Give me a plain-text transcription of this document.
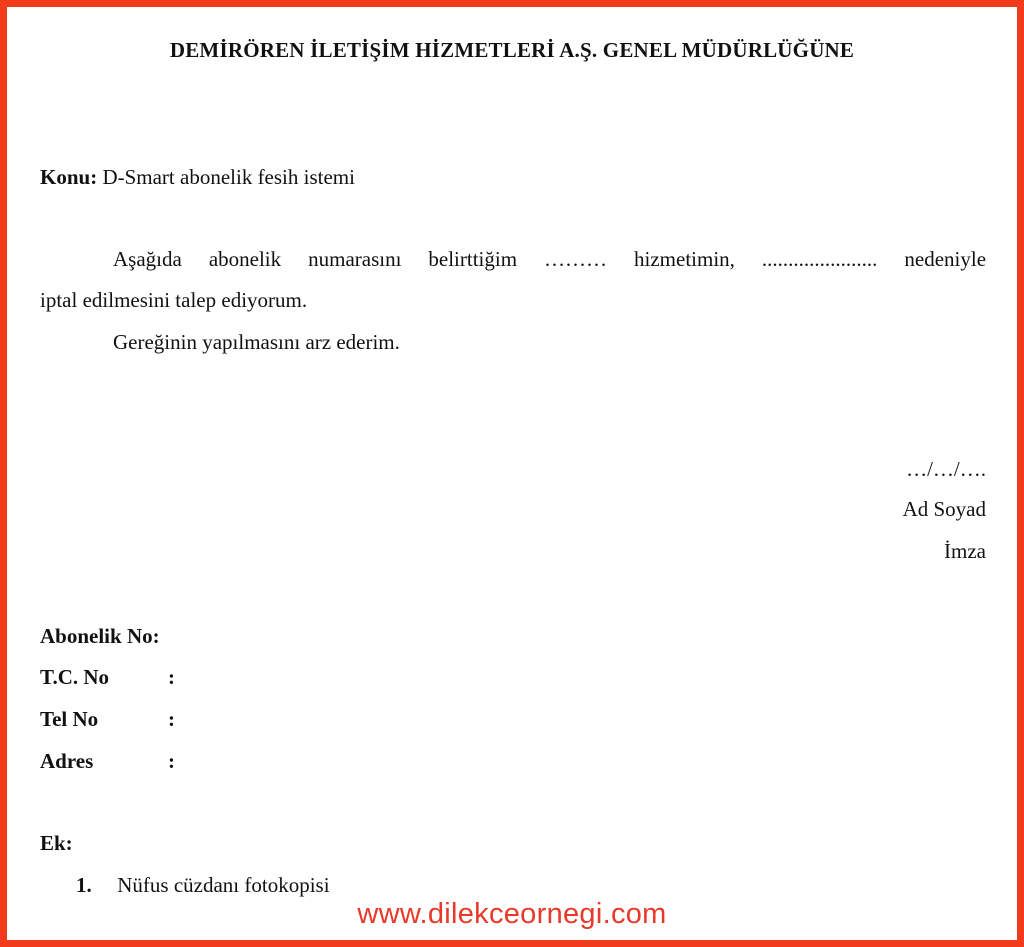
DEMİRÖREN İLETİŞİM HİZMETLERİ A.Ş. GENEL MÜDÜRLÜĞÜNE
Konu: D-Smart abonelik fesih istemi
Aşağıda abonelik numarasını belirttiğim ……… hizmetimin, ...................... nedeniyle
iptal edilmesini talep ediyorum.
Gereğinin yapılmasını arz ederim.
…/…/….
Ad Soyad
İmza
Abonelik No:
T.C. No	:
Tel No	:
Adres	:
Ek:
1. Nüfus cüzdanı fotokopisi
www.dilekceornegi.com
